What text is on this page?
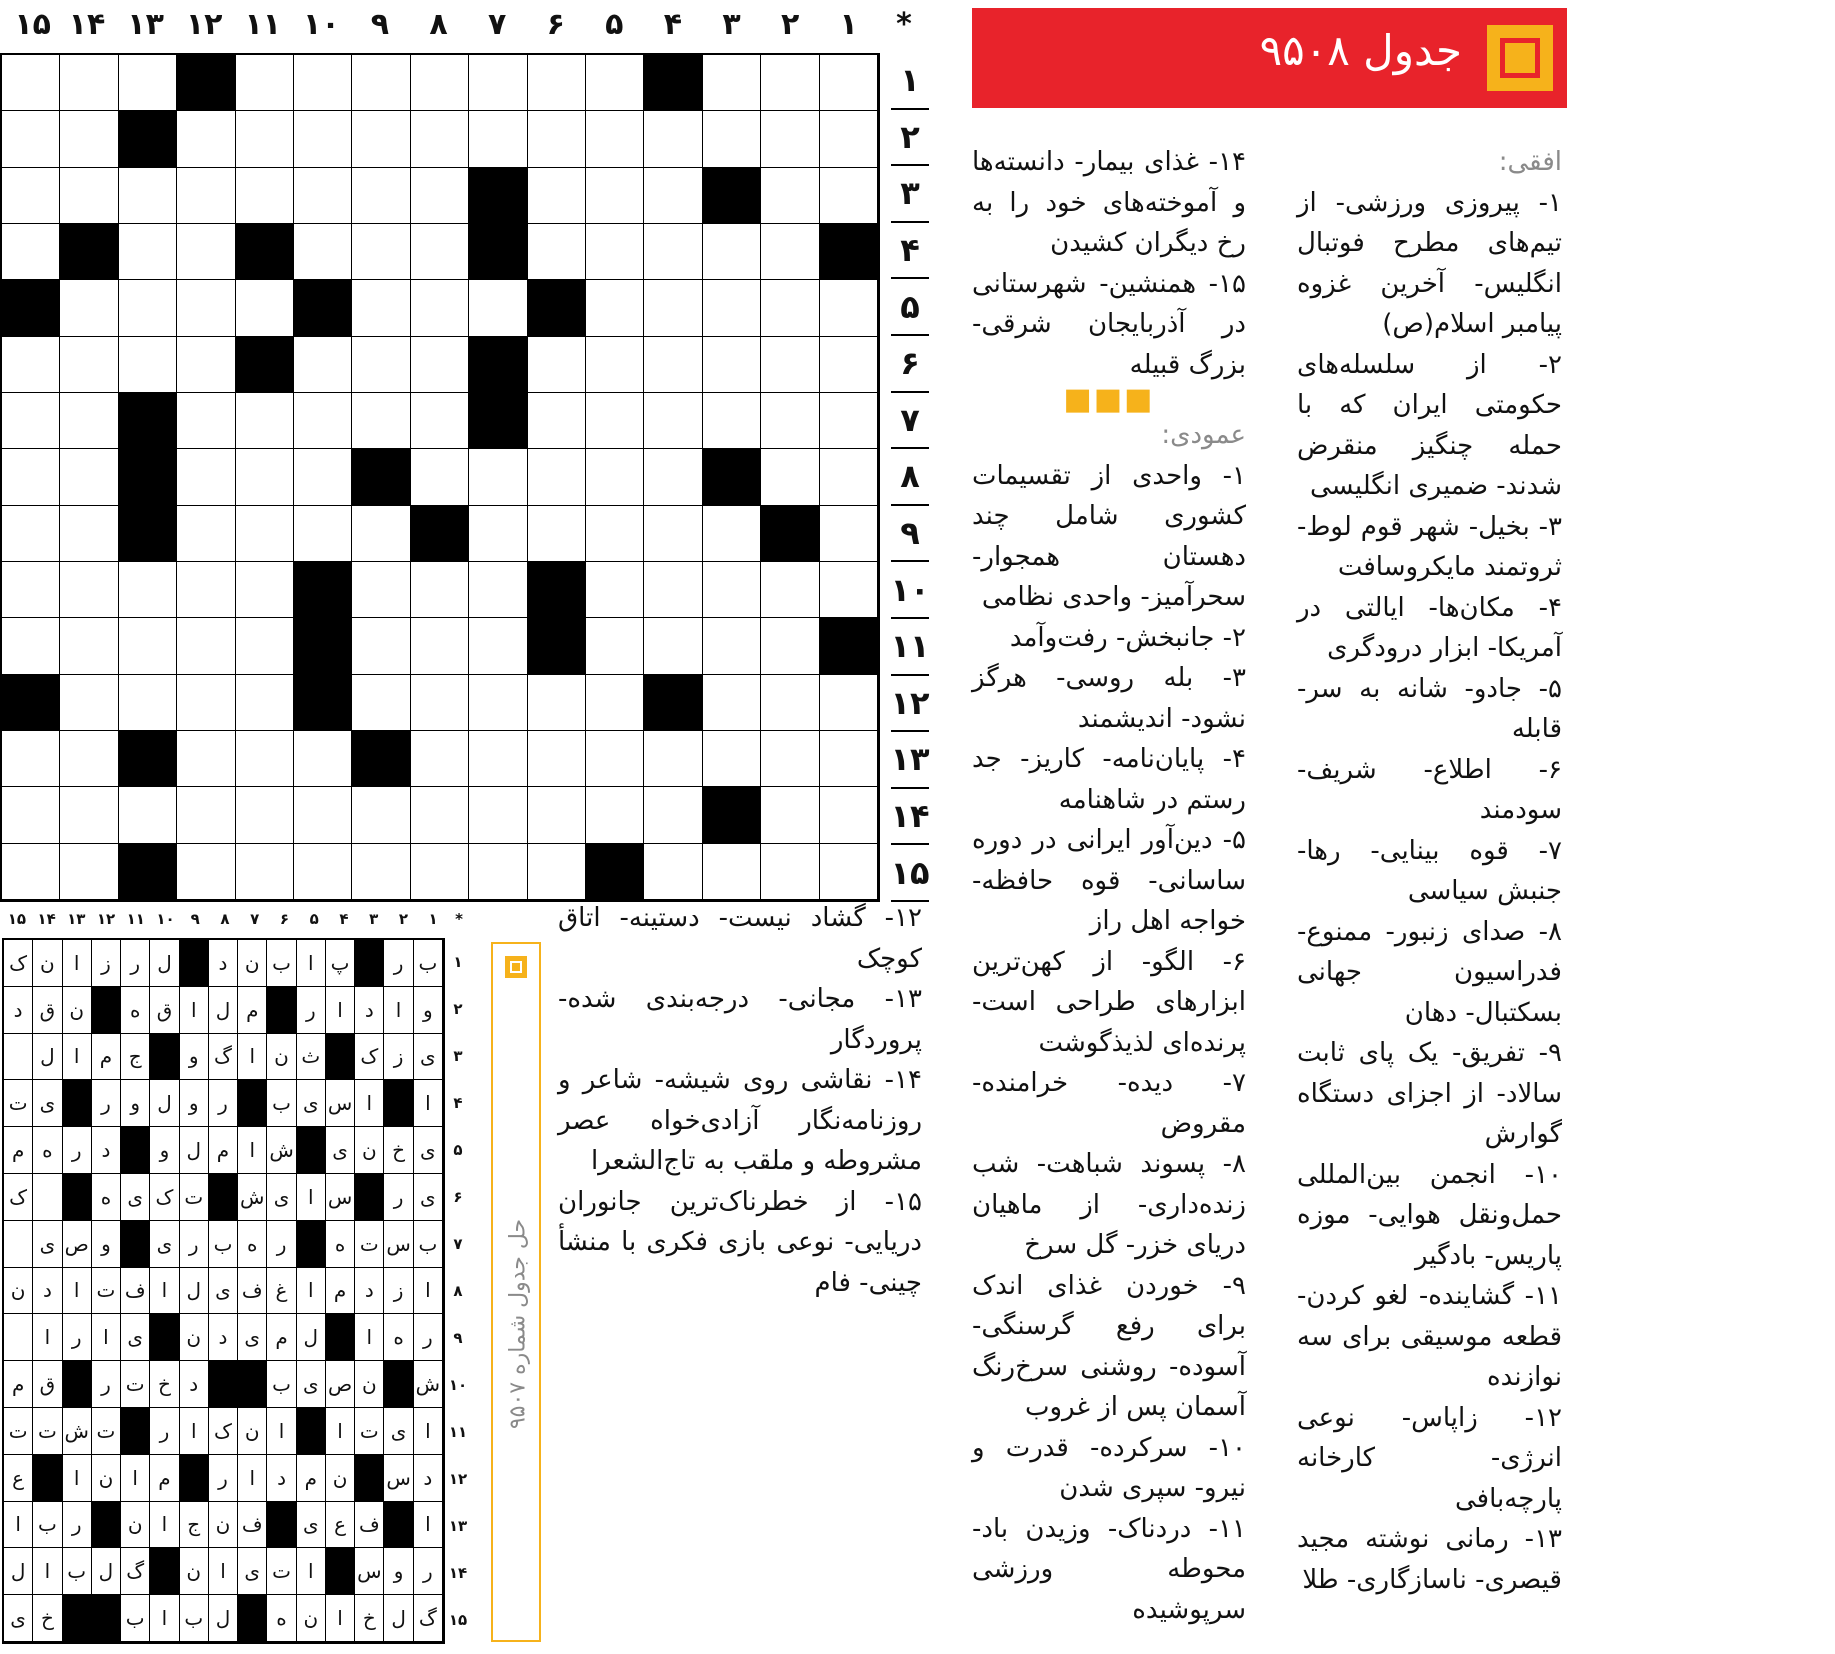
*
۱
۲
۳
۴
۵
۶
۷
۸
۹
۱۰
۱۱
۱۲
۱۳
۱۴
۱۵
۱
۲
۳
۴
۵
۶
۷
۸
۹
۱۰
۱۱
۱۲
۱۳
۱۴
۱۵
جدول ۹۵۰۸

افقی:

۱- پیروزی ورزشی- از تیم‌های مطرح فوتبال انگلیس- آخرین غزوه پیامبر اسلام(ص)

۲- از سلسله‌های حکومتی ایران که با حمله چنگیز منقرض شدند- ضمیری انگلیسی

۳- بخیل- شهر قوم لوط- ثروتمند مایکروسافت

۴- مکان‌ها- ایالتی در آمریکا- ابزار درودگری

۵- جادو- شانه به سر- قابله

۶- اطلاع- شریف- سودمند

۷- قوه بینایی- رها- جنبش سیاسی

۸- صدای زنبور- ممنوع- فدراسیون جهانی بسکتبال- دهان

۹- تفریق- یک پای ثابت سالاد- از اجزای دستگاه گوارش

۱۰- انجمن بین‌المللی حمل‌ونقل هوایی- موزه پاریس- بادگیر

۱۱- گشاینده- لغو کردن- قطعه موسیقی برای سه نوازنده

۱۲- زاپاس- نوعی انرژی- کارخانه پارچه‌بافی

۱۳- رمانی نوشته مجید قیصری- ناسازگاری- طلا

۱۴- غذای بیمار- دانسته‌ها و آموخته‌های خود را به رخ دیگران کشیدن

۱۵- همنشین- شهرستانی در آذربایجان شرقی- بزرگ قبیله

■■■

عمودی:

۱- واحدی از تقسیمات کشوری شامل چند دهستان همجوار- سحرآمیز- واحدی نظامی

۲- جانبخش- رفت‌وآمد

۳- بله روسی- هرگز نشود- اندیشمند

۴- پایان‌نامه- کاریز- جد رستم در شاهنامه

۵- دین‌آور ایرانی در دوره ساسانی- قوه حافظه- خواجه اهل راز

۶- الگو- از کهن‌ترین ابزارهای طراحی است- پرنده‌ای لذیذگوشت

۷- دیده- خرامنده- مقروض

۸- پسوند شباهت- شب زنده‌داری- از ماهیان دریای خزر- گل سرخ

۹- خوردن غذای اندک برای رفع گرسنگی- آسوده- روشنی سرخ‌رنگ آسمان پس از غروب

۱۰- سرکرده- قدرت و نیرو- سپری شدن

۱۱- دردناک- وزیدن باد- محوطه ورزشی سرپوشیده

۱۲- گشاد نیست- دستینه- اتاق کوچک

۱۳- مجانی- درجه‌بندی شده- پروردگار

۱۴- نقاشی روی شیشه- شاعر و روزنامه‌نگار آزادی‌خواه عصر مشروطه و ملقب به تاج‌الشعرا

۱۵- از خطرناک‌ترین جانوران دریایی- نوعی بازی فکری با منشأ چینی- فام

*
۱
۲
۳
۴
۵
۶
۷
۸
۹
۱۰
۱۱
۱۲
۱۳
۱۴
۱۵
ک ن ا	ز ر ل	د ن ب ا پ	ر ب
د ق ن	ه ق ا ل م	ر	ا	د	ا	و
ل ا	م ج	و گ ا ن ث ک ز ی
ت ی	ر و ل و ر	ب ی س ا	ا
م ه ر د	و ل م	ا ش	ی ن خ ی
ک	ه ی ک ت ش ی ا س	ر ی
ی ص و	ی ر ب ه ر	ه ت س ب
ن د	ا ت ف ا ل ی ف غ	ا	م د ز	ا
ا	ر	ا ی	ن د ی م ل	ا	ه ر
م ق	ر ت خ د	ب ی ص ن	ش
ت ت ش ت	ر	ا ک ن ا	ا ت ی ا
ع	ا ن ا	م	ر	ا	د م ن	س د
ا ب ر	ن ا	ج ن ف	ی ع ف	ا
ل ا ب ل گ	ن ا ی ت ا	س و ر
ی خ	ب ا ب ل	ه ن ا	خ ل گ
۱
۲
۳
۴
۵
۶
۷
۸
۹
۱۰
۱۱
۱۲
۱۳
۱۴
۱۵
حل جدول شماره ۹۵۰۷
